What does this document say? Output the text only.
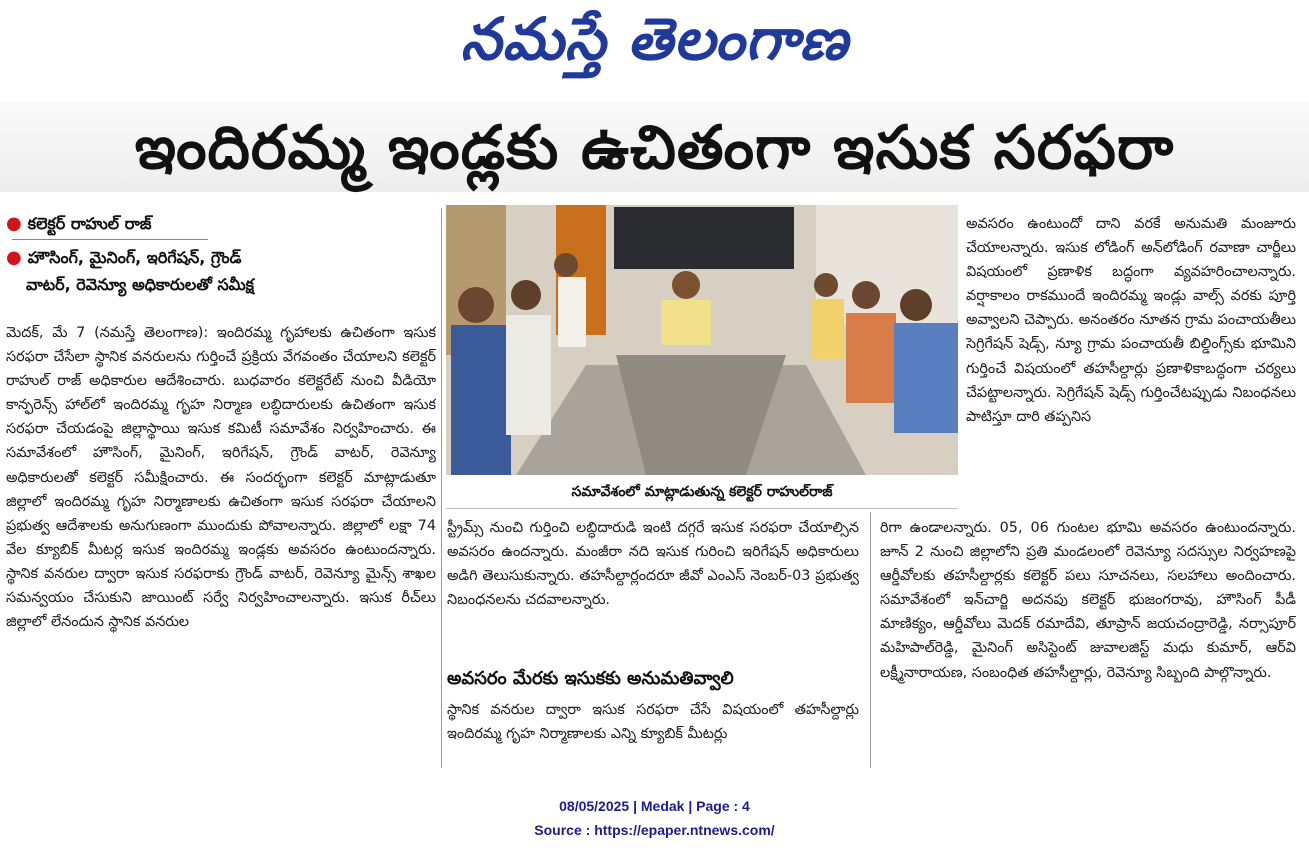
నమస్తే తెలంగాణ
ఇందిరమ్మ ఇండ్లకు ఉచితంగా ఇసుక సరఫరా
● కలెక్టర్ రాహుల్ రాజ్
● హౌసింగ్, మైనింగ్, ఇరిగేషన్, గ్రౌండ్
వాటర్, రెవెన్యూ అధికారులతో సమీక్ష

మెదక్, మే 7 (నమస్తే తెలంగాణ): ఇందిరమ్మ గృహాలకు ఉచితంగా ఇసుక సరఫరా చేసేలా స్థానిక వనరులను గుర్తించే ప్రక్రియ వేగవంతం చేయాలని కలెక్టర్ రాహుల్ రాజ్ అధికారుల ఆదేశించారు. బుధవారం కలెక్టరేట్ నుంచి వీడియో కాన్ఫరెన్స్ హాల్‌లో ఇందిరమ్మ గృహ నిర్మాణ లబ్ధిదారులకు ఉచితంగా ఇసుక సరఫరా చేయడంపై జిల్లాస్థాయి ఇసుక కమిటీ సమావేశం నిర్వహించారు. ఈ సమావేశంలో హౌసింగ్, మైనింగ్, ఇరిగేషన్, గ్రౌండ్ వాటర్, రెవెన్యూ అధికారులతో కలెక్టర్ సమీక్షించారు. ఈ సందర్భంగా కలెక్టర్ మాట్లాడుతూ జిల్లాలో ఇందిరమ్మ గృహ నిర్మాణాలకు ఉచితంగా ఇసుక సరఫరా చేయాలని ప్రభుత్వ ఆదేశాలకు అనుగుణంగా ముందుకు పోవాలన్నారు. జిల్లాలో లక్షా 74 వేల క్యూబిక్ మీటర్ల ఇసుక ఇందిరమ్మ ఇండ్లకు అవసరం ఉంటుందన్నారు. స్థానిక వనరుల ద్వారా ఇసుక సరఫరాకు గ్రౌండ్ వాటర్, రెవెన్యూ మైన్స్ శాఖల సమన్వయం చేసుకుని జాయింట్ సర్వే నిర్వహించాలన్నారు. ఇసుక రీచ్‌లు జిల్లాలో లేనందున స్థానిక వనరుల

సమావేశంలో మాట్లాడుతున్న కలెక్టర్ రాహుల్‌రాజ్

స్ట్రీమ్స్ నుంచి గుర్తించి లబ్ధిదారుడి ఇంటి దగ్గరే ఇసుక సరఫరా చేయాల్సిన అవసరం ఉందన్నారు. మంజీరా నది ఇసుక గురించి ఇరిగేషన్ అధికారులు అడిగి తెలుసుకున్నారు. తహసీల్దార్లందరూ జీవో ఎంఎస్ నెంబర్-03 ప్రభుత్వ నిబంధనలను చదవాలన్నారు.

అవసరం మేరకు ఇసుకకు అనుమతివ్వాలి

స్థానిక వనరుల ద్వారా ఇసుక సరఫరా చేసే విషయంలో తహసీల్దార్లు ఇందిరమ్మ గృహ నిర్మాణాలకు ఎన్ని క్యూబిక్ మీటర్లు

అవసరం ఉంటుందో దాని వరకే అనుమతి మంజూరు చేయాలన్నారు. ఇసుక లోడింగ్ అన్‌లోడింగ్ రవాణా చార్జీలు విషయంలో ప్రణాళిక బద్ధంగా వ్యవహరించాలన్నారు. వర్షాకాలం రాకముందే ఇందిరమ్మ ఇండ్లు వాల్స్ వరకు పూర్తి అవ్వాలని చెప్పారు. అనంతరం నూతన గ్రామ పంచాయతీలు సెగ్రిగేషన్ షెడ్స్, న్యూ గ్రామ పంచాయతీ బిల్డింగ్స్‌కు భూమిని గుర్తించే విషయంలో తహసీల్దార్లు ప్రణాళికాబద్ధంగా చర్యలు చేపట్టాలన్నారు. సెగ్రిగేషన్ షెడ్స్ గుర్తించేటప్పుడు నిబంధనలు పాటిస్తూ దారి తప్పనిస

రిగా ఉండాలన్నారు. 05, 06 గుంటల భూమి అవసరం ఉంటుందన్నారు. జూన్ 2 నుంచి జిల్లాలోని ప్రతి మండలంలో రెవెన్యూ సదస్సుల నిర్వహణపై ఆర్డీవోలకు తహసీల్దార్లకు కలెక్టర్ పలు సూచనలు, సలహాలు అందించారు. సమావేశంలో ఇన్‌చార్జి అదనపు కలెక్టర్ భుజంగరావు, హౌసింగ్ పీడీ మాణిక్యం, ఆర్డీవోలు మెదక్ రమాదేవి, తూప్రాన్ జయచంద్రారెడ్డి, నర్సాపూర్ మహిపాల్‌రెడ్డి, మైనింగ్ అసిస్టెంట్ జువాలజిస్ట్ మధు కుమార్, ఆర్‌వి లక్ష్మీనారాయణ, సంబంధిత తహసీల్దార్లు, రెవెన్యూ సిబ్బంది పాల్గొన్నారు.

08/05/2025 | Medak | Page : 4
Source : https://epaper.ntnews.com/
